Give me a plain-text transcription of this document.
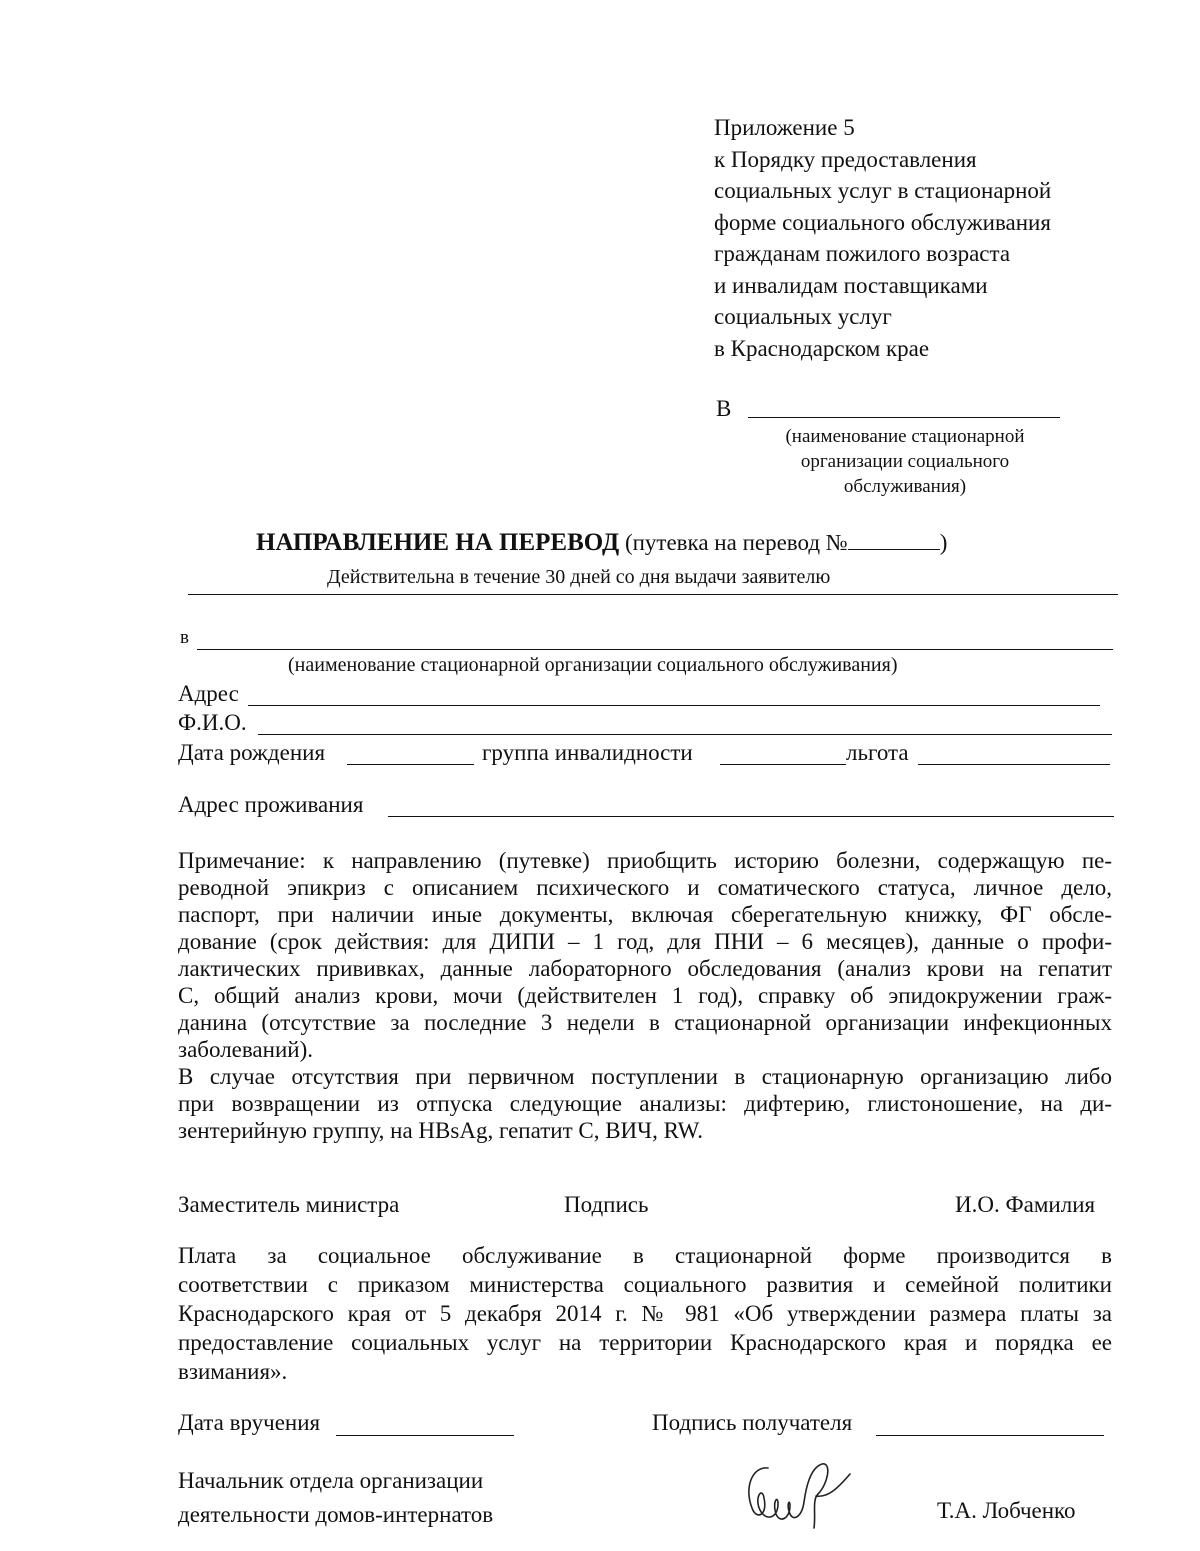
Приложение 5
к Порядку предоставления
социальных услуг в стационарной
форме социального обслуживания
гражданам пожилого возраста
и инвалидам поставщиками
социальных услуг
в Краснодарском крае
В
(наименование стационарной
организации социального
обслуживания)
НАПРАВЛЕНИЕ НА ПЕРЕВОД (путевка на перевод №	)
Действительна в течение 30 дней со дня выдачи заявителю
в
(наименование стационарной организации социального обслуживания)
Адрес
Ф.И.О.
Дата рождения	группа инвалидности	льгота
Адрес проживания
Примечание: к направлению (путевке) приобщить историю болезни, содержащую пе-
реводной эпикриз с описанием психического и соматического статуса, личное дело,
паспорт, при наличии иные документы, включая сберегательную книжку, ФГ обсле-
дование (срок действия: для ДИПИ – 1 год, для ПНИ – 6 месяцев), данные о профи-
лактических прививках, данные лабораторного обследования (анализ крови на гепатит
С, общий анализ крови, мочи (действителен 1 год), справку об эпидокружении граж-
данина (отсутствие за последние 3 недели в стационарной организации инфекционных
заболеваний).
В случае отсутствия при первичном поступлении в стационарную организацию либо
при возвращении из отпуска следующие анализы: дифтерию, глистоношение, на ди-
зентерийную группу, на HBsAg, гепатит С, ВИЧ, RW.
Заместитель министра	Подпись	И.О. Фамилия
Плата за социальное обслуживание в стационарной форме производится в
соответствии с приказом министерства социального развития и семейной политики
Краснодарского края от 5 декабря 2014 г. № 981 «Об утверждении размера платы за
предоставление социальных услуг на территории Краснодарского края и порядка ее
взимания».
Дата вручения	Подпись получателя
Начальник отдела организации
деятельности домов-интернатов	Т.А. Лобченко
